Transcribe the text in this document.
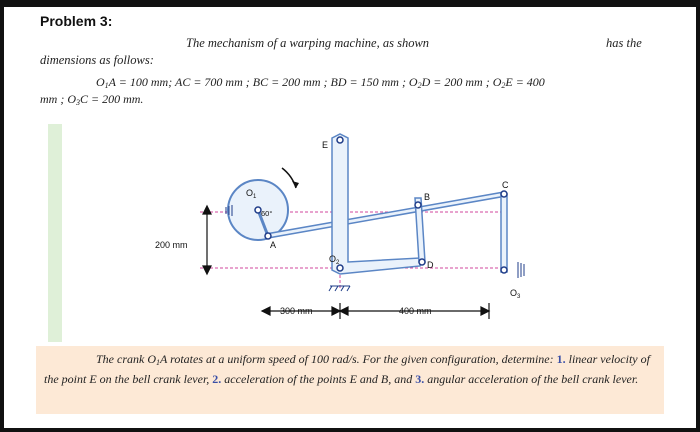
Problem 3:
The mechanism of a warping machine, as shown	has the
dimensions as follows:
$O_1A = 100$ mm; AC = 700 mm ; BC = 200 mm ; BD = 150 mm ; $O_2D = 200$ mm ; $O_2E = 400$
mm ; $O_3C = 200$ mm.
E
B
C
$O_1$
60°
A
$O_2$	D
$O_3$
200 mm
300 mm	400 mm

The crank $O_1A$ rotates at a uniform speed of 100 rad/s. For the given configuration, determine: 1. linear velocity of the point E on the bell crank lever, 2. acceleration of the points E and B, and 3. angular acceleration of the bell crank lever.
